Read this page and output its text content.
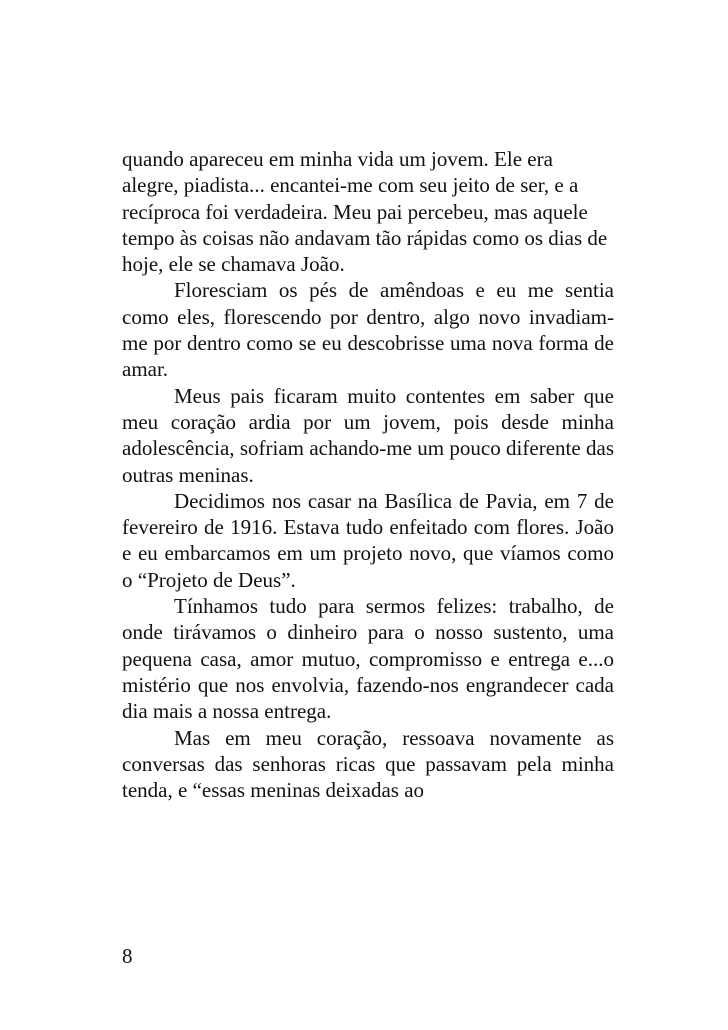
quando apareceu em minha vida um jovem. Ele era alegre, piadista... encantei-me com seu jeito de ser, e a recíproca foi verdadeira. Meu pai percebeu, mas aquele tempo às coisas não andavam tão rápidas como os dias de hoje, ele se chamava João.

Floresciam os pés de amêndoas e eu me sentia como eles, florescendo por dentro, algo novo invadiam-me por dentro como se eu descobrisse uma nova forma de amar.

Meus pais ficaram muito contentes em saber que meu coração ardia por um jovem, pois desde minha adolescência, sofriam achando-me um pouco diferente das outras meninas.

Decidimos nos casar na Basílica de Pavia, em 7 de fevereiro de 1916. Estava tudo enfeitado com flores. João e eu embarcamos em um projeto novo, que víamos como o “Projeto de Deus”.

Tínhamos tudo para sermos felizes: trabalho, de onde tirávamos o dinheiro para o nosso sustento, uma pequena casa, amor mutuo, compromisso e entrega e...o mistério que nos envolvia, fazendo-nos engrandecer cada dia mais a nossa entrega.

Mas em meu coração, ressoava novamente as conversas das senhoras ricas que passavam pela minha tenda, e “essas meninas deixadas ao

8
